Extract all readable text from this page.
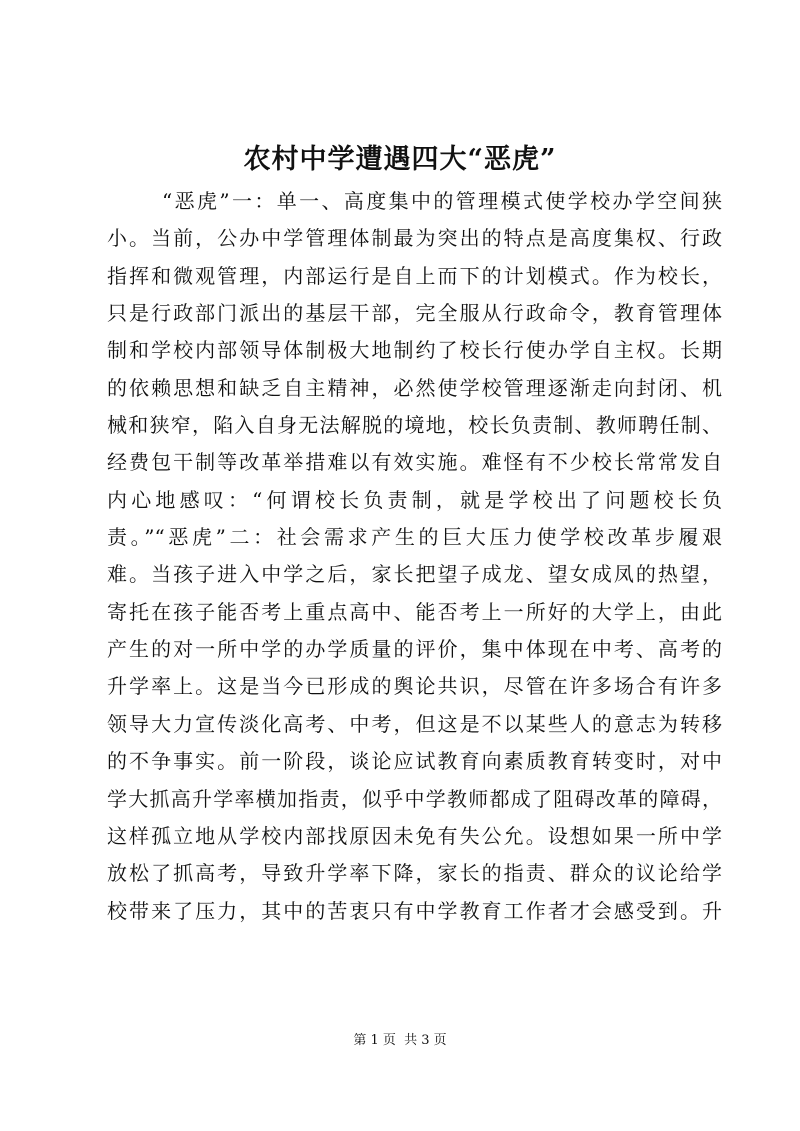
农村中学遭遇四大“恶虎”
“恶虎”一：单一、高度集中的管理模式使学校办学空间狭
小。当前，公办中学管理体制最为突出的特点是高度集权、行政
指挥和微观管理，内部运行是自上而下的计划模式。作为校长，
只是行政部门派出的基层干部，完全服从行政命令，教育管理体
制和学校内部领导体制极大地制约了校长行使办学自主权。长期
的依赖思想和缺乏自主精神，必然使学校管理逐渐走向封闭、机
械和狭窄，陷入自身无法解脱的境地，校长负责制、教师聘任制、
经费包干制等改革举措难以有效实施。难怪有不少校长常常发自
内心地感叹：“何谓校长负责制，就是学校出了问题校长负
责。”“恶虎”二：社会需求产生的巨大压力使学校改革步履艰
难。当孩子进入中学之后，家长把望子成龙、望女成凤的热望，
寄托在孩子能否考上重点高中、能否考上一所好的大学上，由此
产生的对一所中学的办学质量的评价，集中体现在中考、高考的
升学率上。这是当今已形成的舆论共识，尽管在许多场合有许多
领导大力宣传淡化高考、中考，但这是不以某些人的意志为转移
的不争事实。前一阶段，谈论应试教育向素质教育转变时，对中
学大抓高升学率横加指责，似乎中学教师都成了阻碍改革的障碍，
这样孤立地从学校内部找原因未免有失公允。设想如果一所中学
放松了抓高考，导致升学率下降，家长的指责、群众的议论给学
校带来了压力，其中的苦衷只有中学教育工作者才会感受到。升
第 1 页  共 3 页
